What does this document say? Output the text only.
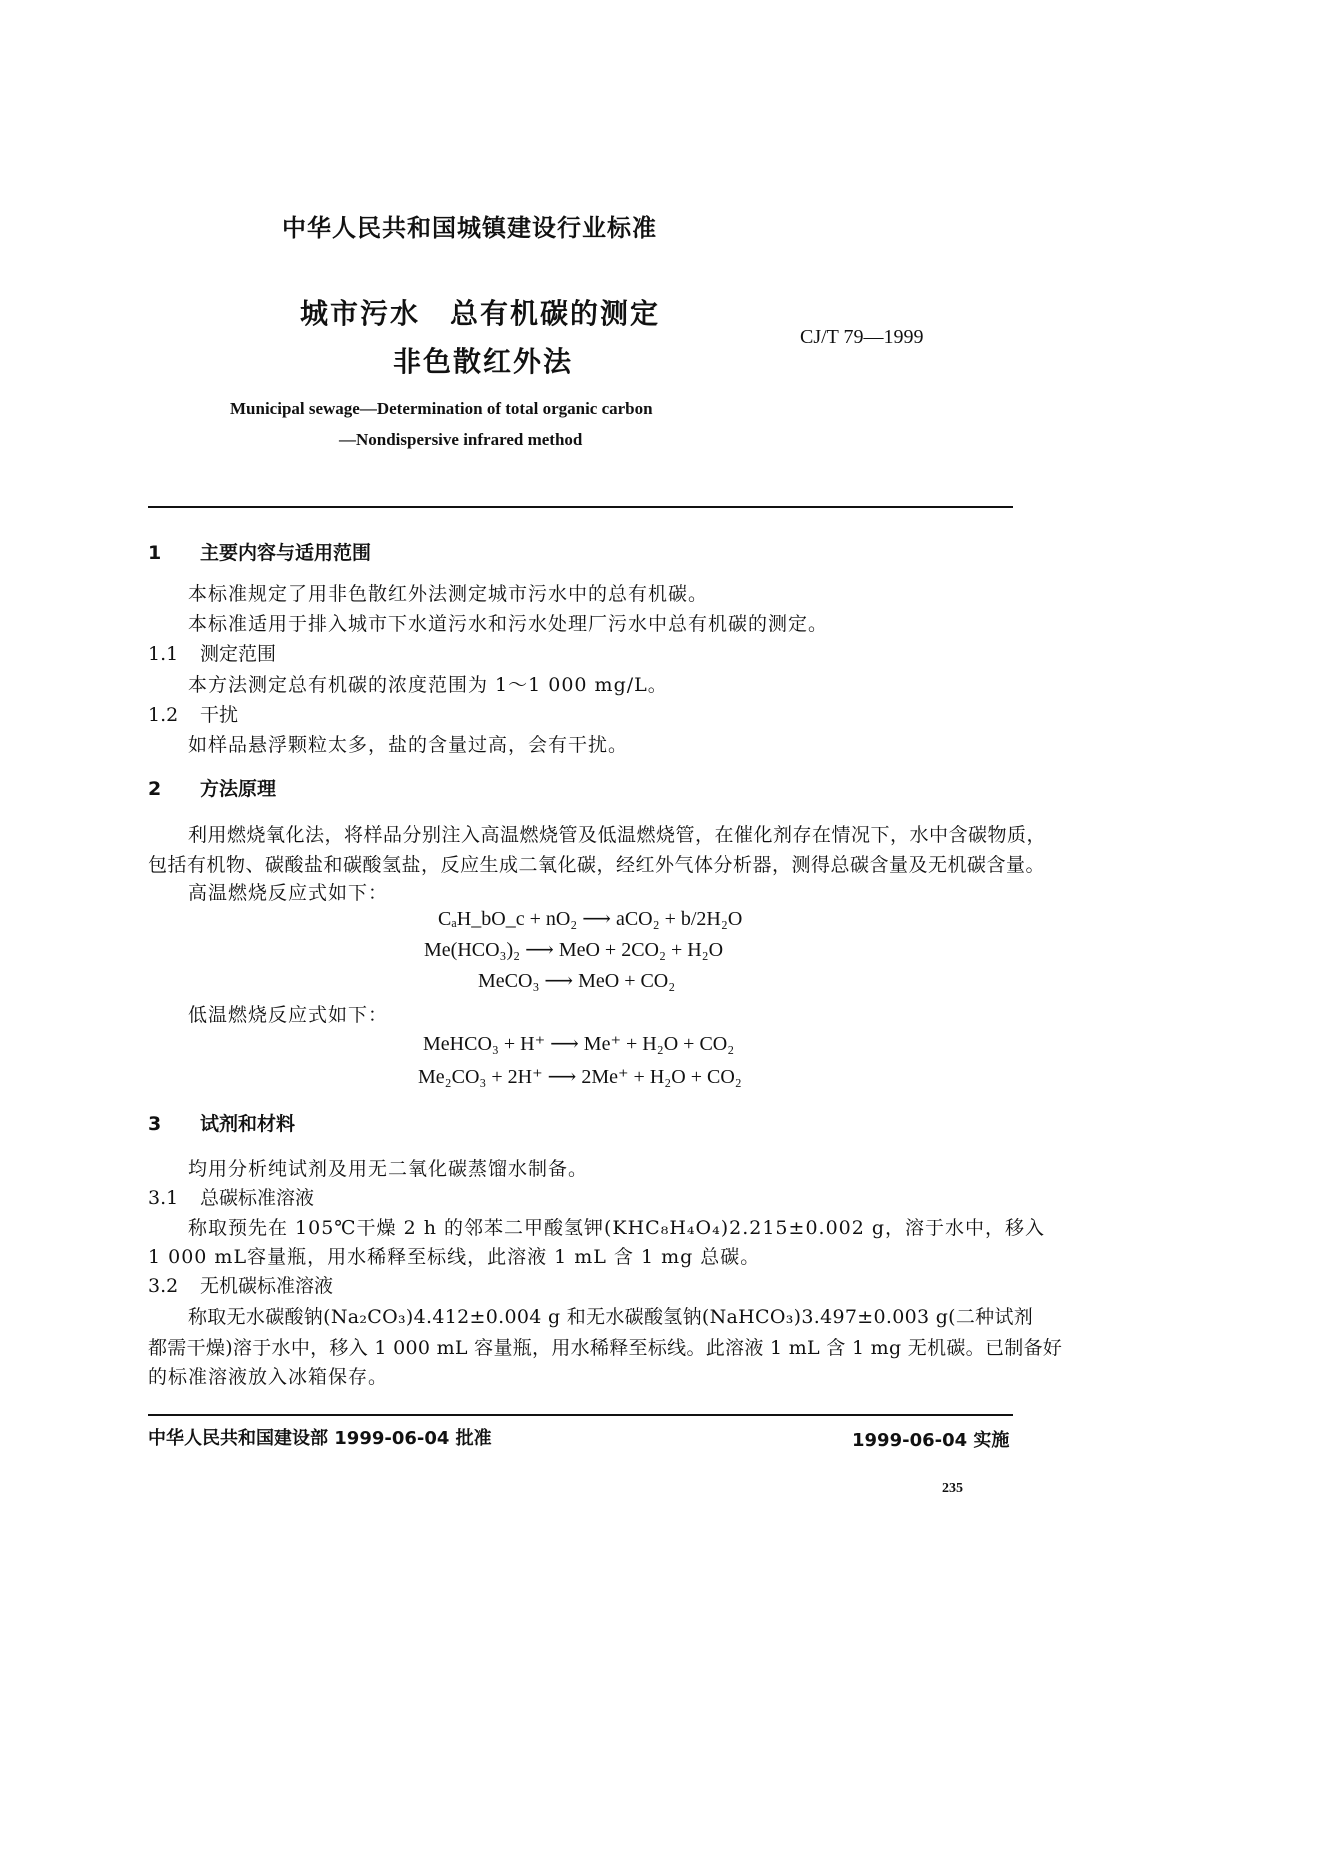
中华人民共和国城镇建设行业标准
城市污水　总有机碳的测定
非色散红外法
CJ/T 79—1999
Municipal sewage—Determination of total organic carbon
—Nondispersive infrared method
1 主要内容与适用范围
本标准规定了用非色散红外法测定城市污水中的总有机碳。
本标准适用于排入城市下水道污水和污水处理厂污水中总有机碳的测定。
1.1 测定范围
本方法测定总有机碳的浓度范围为 1～1 000 mg/L。
1.2 干扰
如样品悬浮颗粒太多，盐的含量过高，会有干扰。
2 方法原理
利用燃烧氧化法，将样品分别注入高温燃烧管及低温燃烧管，在催化剂存在情况下，水中含碳物质，
包括有机物、碳酸盐和碳酸氢盐，反应生成二氧化碳，经红外气体分析器，测得总碳含量及无机碳含量。
高温燃烧反应式如下：
CₐH_bO_c + nO₂ ⟶ aCO₂ + b/2H₂O
Me(HCO₃)₂ ⟶ MeO + 2CO₂ + H₂O
MeCO₃ ⟶ MeO + CO₂
低温燃烧反应式如下：
MeHCO₃ + H⁺ ⟶ Me⁺ + H₂O + CO₂
Me₂CO₃ + 2H⁺ ⟶ 2Me⁺ + H₂O + CO₂
3 试剂和材料
均用分析纯试剂及用无二氧化碳蒸馏水制备。
3.1 总碳标准溶液
称取预先在 105℃干燥 2 h 的邻苯二甲酸氢钾(KHC₈H₄O₄)2.215±0.002 g，溶于水中，移入
1 000 mL容量瓶，用水稀释至标线，此溶液 1 mL 含 1 mg 总碳。
3.2 无机碳标准溶液
称取无水碳酸钠(Na₂CO₃)4.412±0.004 g 和无水碳酸氢钠(NaHCO₃)3.497±0.003 g(二种试剂
都需干燥)溶于水中，移入 1 000 mL 容量瓶，用水稀释至标线。此溶液 1 mL 含 1 mg 无机碳。已制备好
的标准溶液放入冰箱保存。
中华人民共和国建设部 1999-06-04 批准	1999-06-04 实施
235
